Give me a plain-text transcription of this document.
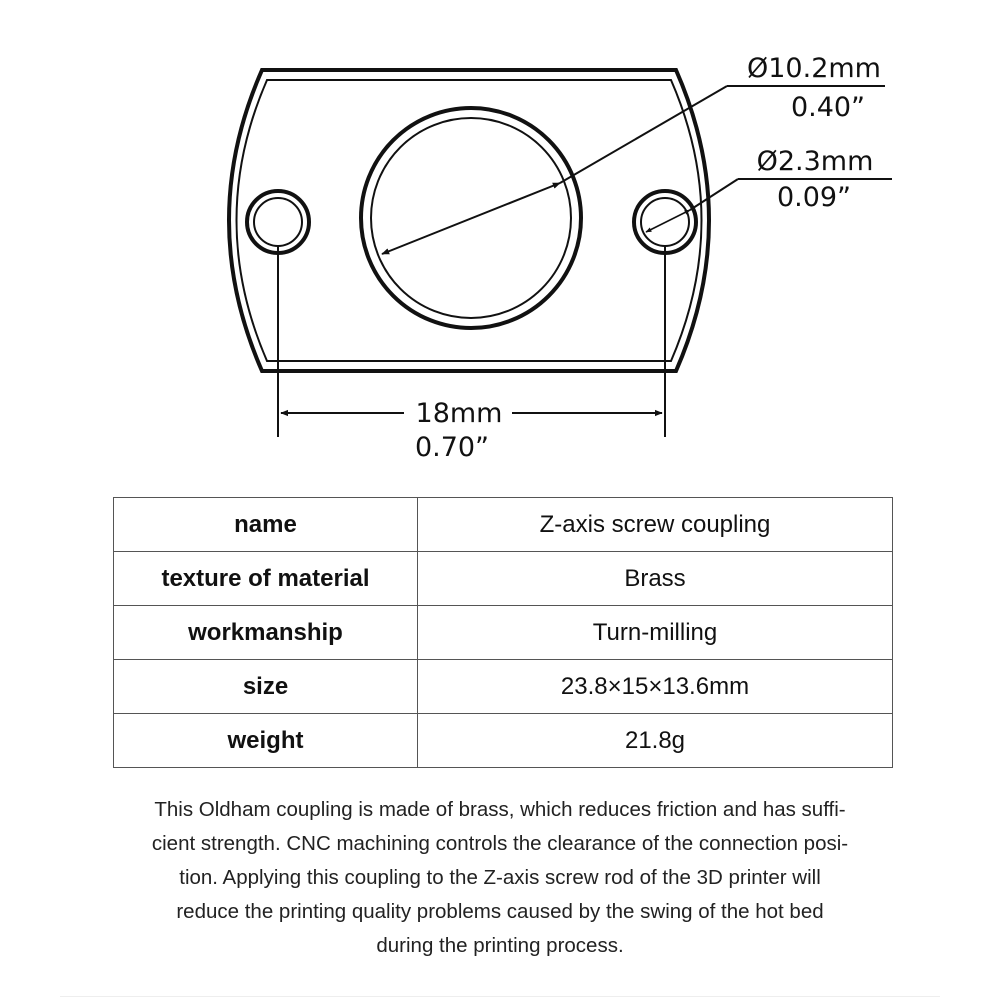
Ø10.2mm
0.40”
Ø2.3mm
0.09”
18mm
0.70”
name	Z-axis screw coupling
texture of material	Brass
workmanship	Turn-milling
size	23.8×15×13.6mm
weight	21.8g
This Oldham coupling is made of brass, which reduces friction and has suffi-
cient strength. CNC machining controls the clearance of the connection posi-
tion. Applying this coupling to the Z-axis screw rod of the 3D printer will
reduce the printing quality problems caused by the swing of the hot bed
during the printing process.
